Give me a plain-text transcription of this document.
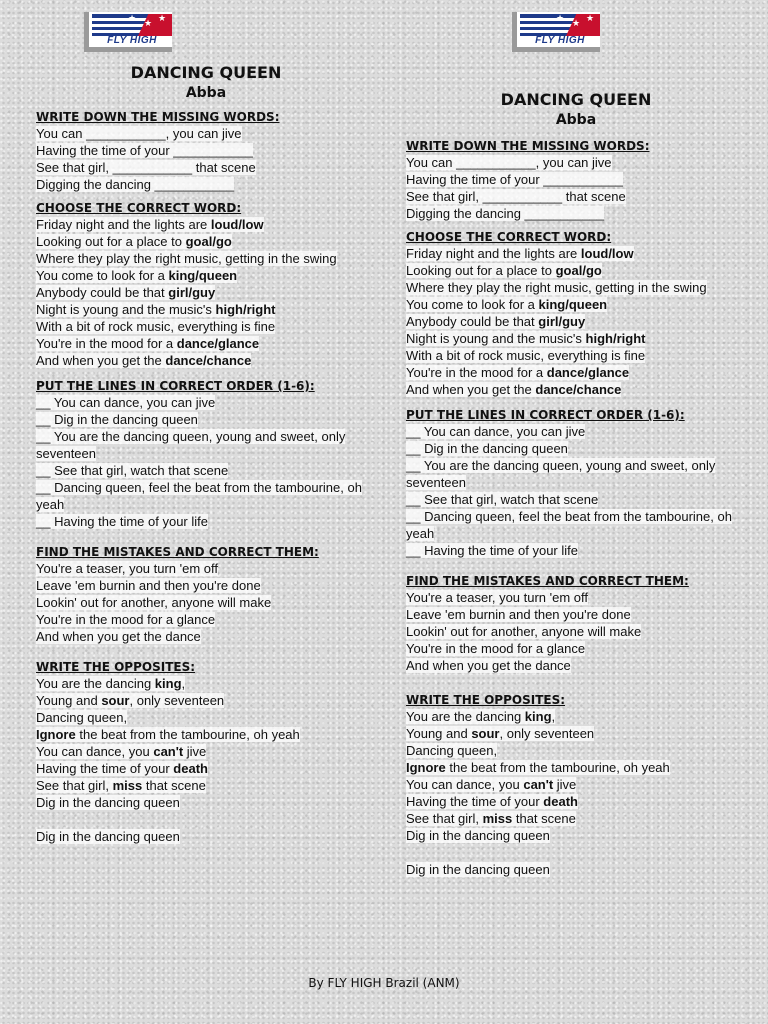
★ ★ ★
FLY HIGH
DANCING QUEEN
Abba
WRITE DOWN THE MISSING WORDS:
You can ___________, you can jive
Having the time of your ___________
See that girl, ___________ that scene
Digging the dancing ___________
CHOOSE THE CORRECT WORD:
Friday night and the lights are loud/low
Looking out for a place to goal/go
Where they play the right music, getting in the swing
You come to look for a king/queen
Anybody could be that girl/guy
Night is young and the music's high/right
With a bit of rock music, everything is fine
You're in the mood for a dance/glance
And when you get the dance/chance
PUT THE LINES IN CORRECT ORDER (1-6):
__ You can dance, you can jive
__ Dig in the dancing queen
__ You are the dancing queen, young and sweet, only seventeen
__ See that girl, watch that scene
__ Dancing queen, feel the beat from the tambourine, oh yeah
__ Having the time of your life
FIND THE MISTAKES AND CORRECT THEM:
You're a teaser, you turn 'em off
Leave 'em burnin and then you're done
Lookin' out for another, anyone will make
You're in the mood for a glance
And when you get the dance
WRITE THE OPPOSITES:
You are the dancing king,
Young and sour, only seventeen
Dancing queen,
Ignore the beat from the tambourine, oh yeah
You can dance, you can't jive
Having the time of your death
See that girl, miss that scene
Dig in the dancing queen
Dig in the dancing queen
★ ★ ★
FLY HIGH
DANCING QUEEN
Abba
WRITE DOWN THE MISSING WORDS:
You can ___________, you can jive
Having the time of your ___________
See that girl, ___________ that scene
Digging the dancing ___________
CHOOSE THE CORRECT WORD:
Friday night and the lights are loud/low
Looking out for a place to goal/go
Where they play the right music, getting in the swing
You come to look for a king/queen
Anybody could be that girl/guy
Night is young and the music's high/right
With a bit of rock music, everything is fine
You're in the mood for a dance/glance
And when you get the dance/chance
PUT THE LINES IN CORRECT ORDER (1-6):
__ You can dance, you can jive
__ Dig in the dancing queen
__ You are the dancing queen, young and sweet, only seventeen
__ See that girl, watch that scene
__ Dancing queen, feel the beat from the tambourine, oh yeah
__ Having the time of your life
FIND THE MISTAKES AND CORRECT THEM:
You're a teaser, you turn 'em off
Leave 'em burnin and then you're done
Lookin' out for another, anyone will make
You're in the mood for a glance
And when you get the dance
WRITE THE OPPOSITES:
You are the dancing king,
Young and sour, only seventeen
Dancing queen,
Ignore the beat from the tambourine, oh yeah
You can dance, you can't jive
Having the time of your death
See that girl, miss that scene
Dig in the dancing queen
Dig in the dancing queen
By FLY HIGH Brazil (ANM)
